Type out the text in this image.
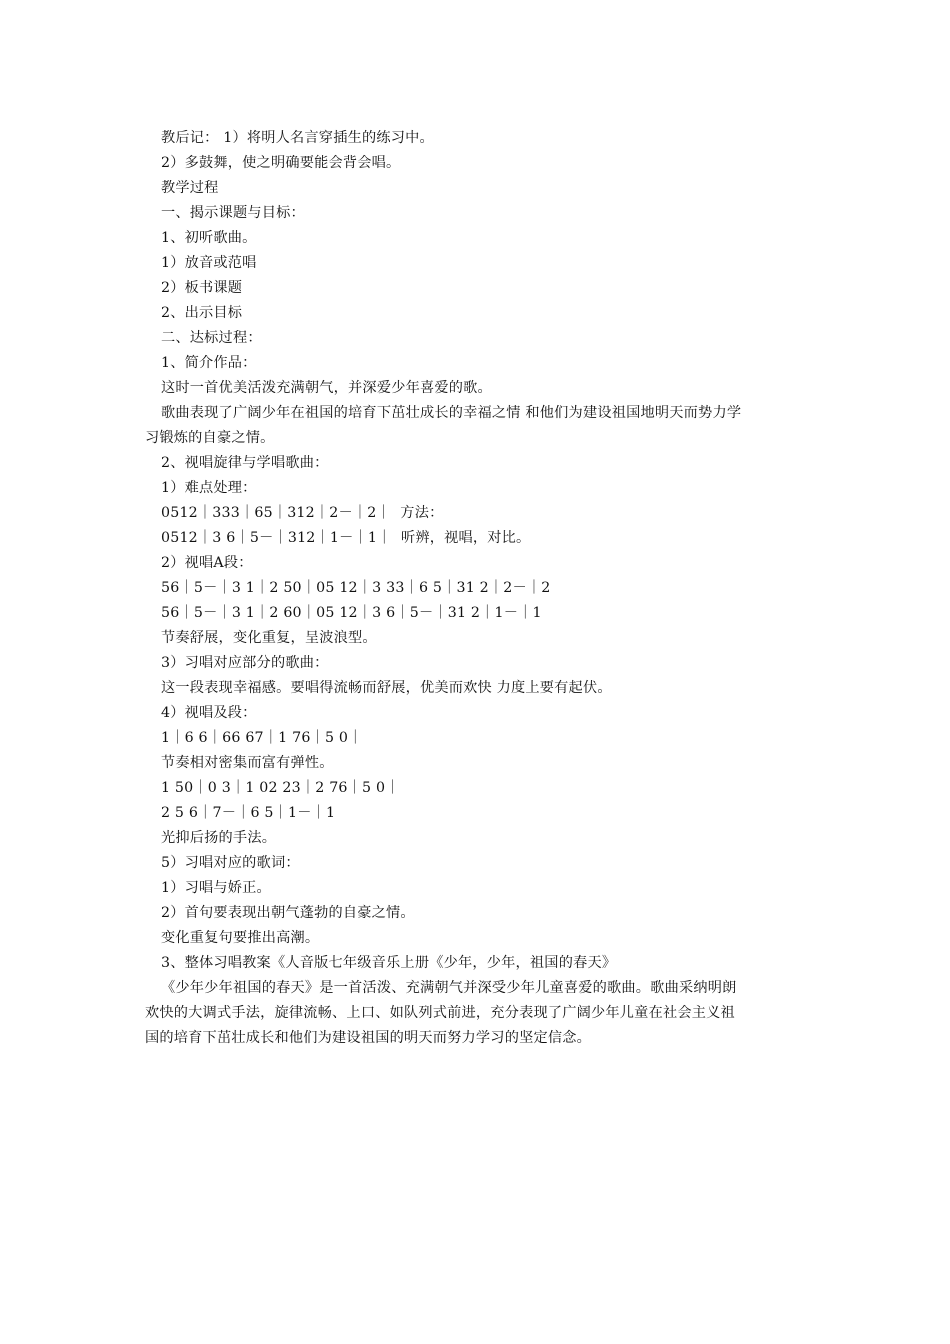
教后记： 1）将明人名言穿插生的练习中。
2）多鼓舞，使之明确要能会背会唱。
教学过程
一、揭示课题与目标：
1、初听歌曲。
1）放音或范唱
2）板书课题
2、出示目标
二、达标过程：
1、简介作品：
这时一首优美活泼充满朝气，并深爱少年喜爱的歌。
歌曲表现了广阔少年在祖国的培育下茁壮成长的幸福之情 和他们为建设祖国地明天而势力学
习锻炼的自豪之情。
2、视唱旋律与学唱歌曲：
1）难点处理：
0512｜333｜65｜312｜2－｜2｜  方法：
0512｜3 6｜5－｜312｜1－｜1｜  听辨，视唱，对比。
2）视唱A段：
56｜5－｜3 1｜2 50｜05 12｜3 33｜6 5｜31 2｜2－｜2
56｜5－｜3 1｜2 60｜05 12｜3 6｜5－｜31 2｜1－｜1
节奏舒展，变化重复，呈波浪型。
3）习唱对应部分的歌曲：
这一段表现幸福感。要唱得流畅而舒展，优美而欢快 力度上要有起伏。
4）视唱及段：
1｜6 6｜66 67｜1 76｜5 0｜
节奏相对密集而富有弹性。
1 50｜0 3｜1 02 23｜2 76｜5 0｜
2 5 6｜7－｜6 5｜1－｜1
光抑后扬的手法。
5）习唱对应的歌词：
1）习唱与娇正。
2）首句要表现出朝气蓬勃的自豪之情。
变化重复句要推出高潮。
3、整体习唱教案《人音版七年级音乐上册《少年，少年，祖国的春天》
《少年少年祖国的春天》是一首活泼、充满朝气并深受少年儿童喜爱的歌曲。歌曲采纳明朗
欢快的大调式手法，旋律流畅、上口、如队列式前进，充分表现了广阔少年儿童在社会主义祖
国的培育下茁壮成长和他们为建设祖国的明天而努力学习的坚定信念。
